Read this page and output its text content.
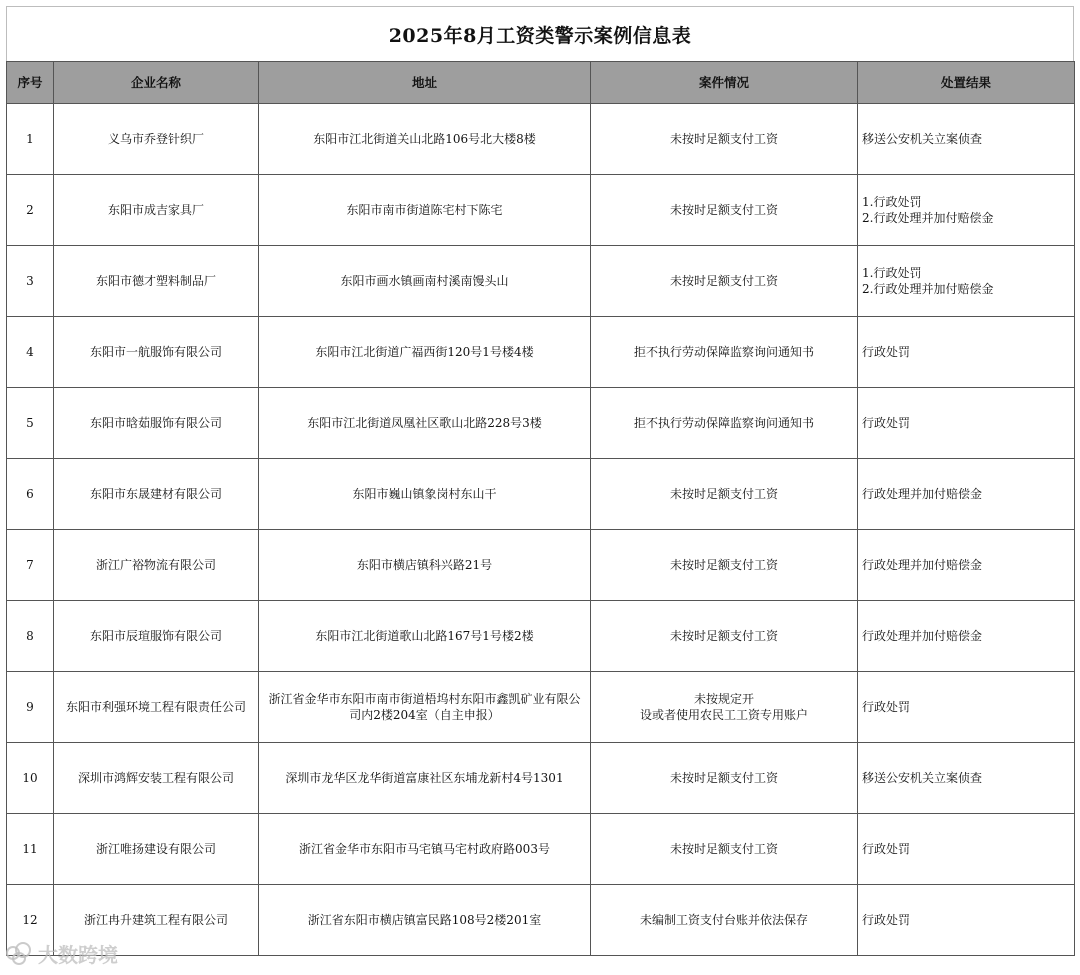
2025年8月工资类警示案例信息表
序号	企业名称	地址	案件情况	处置结果
1	义乌市乔登针织厂	东阳市江北街道关山北路106号北大楼8楼	未按时足额支付工资	移送公安机关立案侦查

2	东阳市成吉家具厂	东阳市南市街道陈宅村下陈宅	未按时足额支付工资	1.行政处罚
2.行政处理并加付赔偿金

3	东阳市德才塑料制品厂	东阳市画水镇画南村溪南馒头山	未按时足额支付工资	1.行政处罚
2.行政处理并加付赔偿金

4	东阳市一航服饰有限公司	东阳市江北街道广福西街120号1号楼4楼	拒不执行劳动保障监察询问通知书	行政处罚

5	东阳市晗茹服饰有限公司	东阳市江北街道凤凰社区歌山北路228号3楼	拒不执行劳动保障监察询问通知书	行政处罚

6	东阳市东晟建材有限公司	东阳市巍山镇象岗村东山干	未按时足额支付工资	行政处理并加付赔偿金

7	浙江广裕物流有限公司	东阳市横店镇科兴路21号	未按时足额支付工资	行政处理并加付赔偿金

8	东阳市辰瑄服饰有限公司	东阳市江北街道歌山北路167号1号楼2楼	未按时足额支付工资	行政处理并加付赔偿金

9	东阳市利强环境工程有限责任公司	浙江省金华市东阳市南市街道梧坞村东阳市鑫凯矿业有限公司内2楼204室（自主申报）	未按规定开
设或者使用农民工工资专用账户	行政处罚

10	深圳市鸿辉安装工程有限公司	深圳市龙华区龙华街道富康社区东埔龙新村4号1301	未按时足额支付工资	移送公安机关立案侦查

11	浙江唯扬建设有限公司	浙江省金华市东阳市马宅镇马宅村政府路003号	未按时足额支付工资	行政处罚

12	浙江冉升建筑工程有限公司	浙江省东阳市横店镇富民路108号2楼201室	未编制工资支付台账并依法保存	行政处罚
大数跨境
